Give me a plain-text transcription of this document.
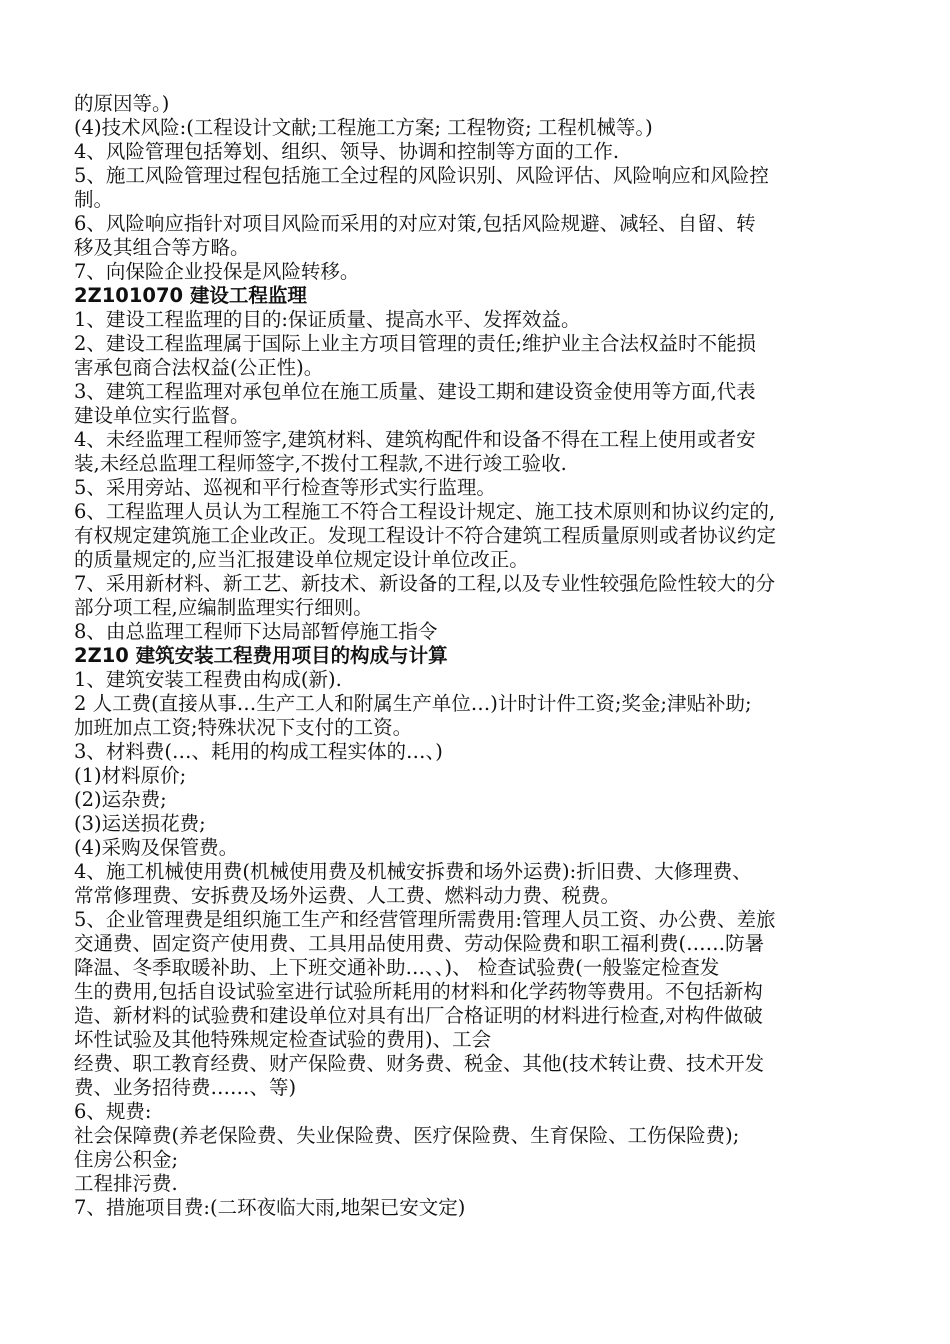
的原因等。)
(4)技术风险:(工程设计文献;工程施工方案; 工程物资; 工程机械等。)
4、风险管理包括筹划、组织、领导、协调和控制等方面的工作.
5、施工风险管理过程包括施工全过程的风险识别、风险评估、风险响应和风险控
制。
6、风险响应指针对项目风险而采用的对应对策,包括风险规避、减轻、自留、转
移及其组合等方略。
7、向保险企业投保是风险转移。
2Z101070 建设工程监理
1、建设工程监理的目的:保证质量、提高水平、发挥效益。
2、建设工程监理属于国际上业主方项目管理的责任;维护业主合法权益时不能损
害承包商合法权益(公正性)。
3、建筑工程监理对承包单位在施工质量、建设工期和建设资金使用等方面,代表
建设单位实行监督。
4、未经监理工程师签字,建筑材料、建筑构配件和设备不得在工程上使用或者安
装,未经总监理工程师签字,不拨付工程款,不进行竣工验收.
5、采用旁站、巡视和平行检查等形式实行监理。
6、工程监理人员认为工程施工不符合工程设计规定、施工技术原则和协议约定的,
有权规定建筑施工企业改正。发现工程设计不符合建筑工程质量原则或者协议约定
的质量规定的,应当汇报建设单位规定设计单位改正。
7、采用新材料、新工艺、新技术、新设备的工程,以及专业性较强危险性较大的分
部分项工程,应编制监理实行细则。
8、由总监理工程师下达局部暂停施工指令
2Z10 建筑安装工程费用项目的构成与计算
1、建筑安装工程费由构成(新).
2 人工费(直接从事…生产工人和附属生产单位…)计时计件工资;奖金;津贴补助;
加班加点工资;特殊状况下支付的工资。
3、材料费(…、耗用的构成工程实体的…、)
(1)材料原价;
(2)运杂费;
(3)运送损花费;
(4)采购及保管费。
4、施工机械使用费(机械使用费及机械安拆费和场外运费):折旧费、大修理费、
常常修理费、安拆费及场外运费、人工费、燃料动力费、税费。
5、企业管理费是组织施工生产和经营管理所需费用:管理人员工资、办公费、差旅
交通费、固定资产使用费、工具用品使用费、劳动保险费和职工福利费(……防暑
降温、冬季取暖补助、上下班交通补助…、、)、 检查试验费(一般鉴定检查发
生的费用,包括自设试验室进行试验所耗用的材料和化学药物等费用。不包括新构
造、新材料的试验费和建设单位对具有出厂合格证明的材料进行检查,对构件做破
坏性试验及其他特殊规定检查试验的费用)、工会
经费、职工教育经费、财产保险费、财务费、税金、其他(技术转让费、技术开发
费、业务招待费……、等)
6、规费:
社会保障费(养老保险费、失业保险费、医疗保险费、生育保险、工伤保险费);
住房公积金;
工程排污费.
7、措施项目费:(二环夜临大雨,地架已安文定)
